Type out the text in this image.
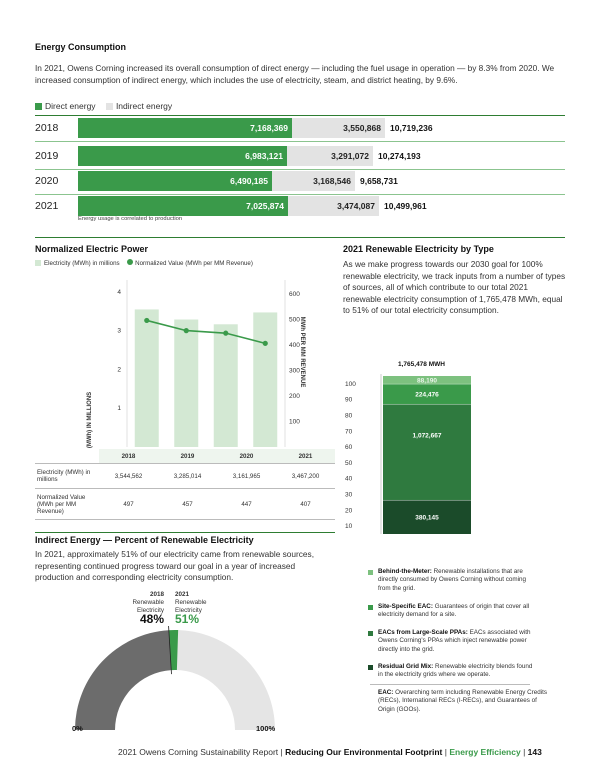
Energy Consumption
In 2021, Owens Corning increased its overall consumption of direct energy — including the fuel usage in operation — by 8.3% from 2020. We increased consumption of indirect energy, which includes the use of electricity, steam, and district heating, by 9.6%.
Direct energy Indirect energy
2018	7,168,369	3,550,868	10,719,236
2019	6,983,121	3,291,072	10,274,193
2020	6,490,185	3,168,546	9,658,731
2021	7,025,874	3,474,087	10,499,961
Energy usage is correlated to production
Normalized Electric Power
Electricity (MWh) in millions Normalized Value (MWh per MM Revenue)
(MWh) IN MILLIONS
MWh PER MM REVENUE
4
3
2
1
600
500
400
300
200
100
	2018	2019	2020	2021
Electricity (MWh) in millions	3,544,562	3,285,014	3,161,965	3,467,200
Normalized Value (MWh per MM Revenue)	497	457	447	407
2021 Renewable Electricity by Type
As we make progress towards our 2030 goal for 100% renewable electricity, we track inputs from a number of types of sources, all of which contribute to our total 2021 renewable electricity consumption of 1,765,478 MWh, equal to 51% of our total electricity consumption.
1,765,478 MWH
100
90
80
70
60
50
40
30
20
10
380,145
1,072,667
224,476
88,190
Behind-the-Meter: Renewable installations that are directly consumed by Owens Corning without coming from the grid.
Site-Specific EAC: Guarantees of origin that cover all electricity demand for a site.
EACs from Large-Scale PPAs: EACs associated with Owens Corning's PPAs which inject renewable power directly into the grid.
Residual Grid Mix: Renewable electricity blends found in the electricity grids where we operate.
EAC: Overarching term including Renewable Energy Credits (RECs), International RECs (I-RECs), and Guarantees of Origin (GOOs).
Indirect Energy — Percent of Renewable Electricity
In 2021, approximately 51% of our electricity came from renewable sources, representing continued progress toward our goal in a year of increased production and corresponding electricity consumption.
2018
Renewable Electricity
2021
Renewable Electricity
48% 51%
0%	100%
2021 Owens Corning Sustainability Report | Reducing Our Environmental Footprint | Energy Efficiency | 143
